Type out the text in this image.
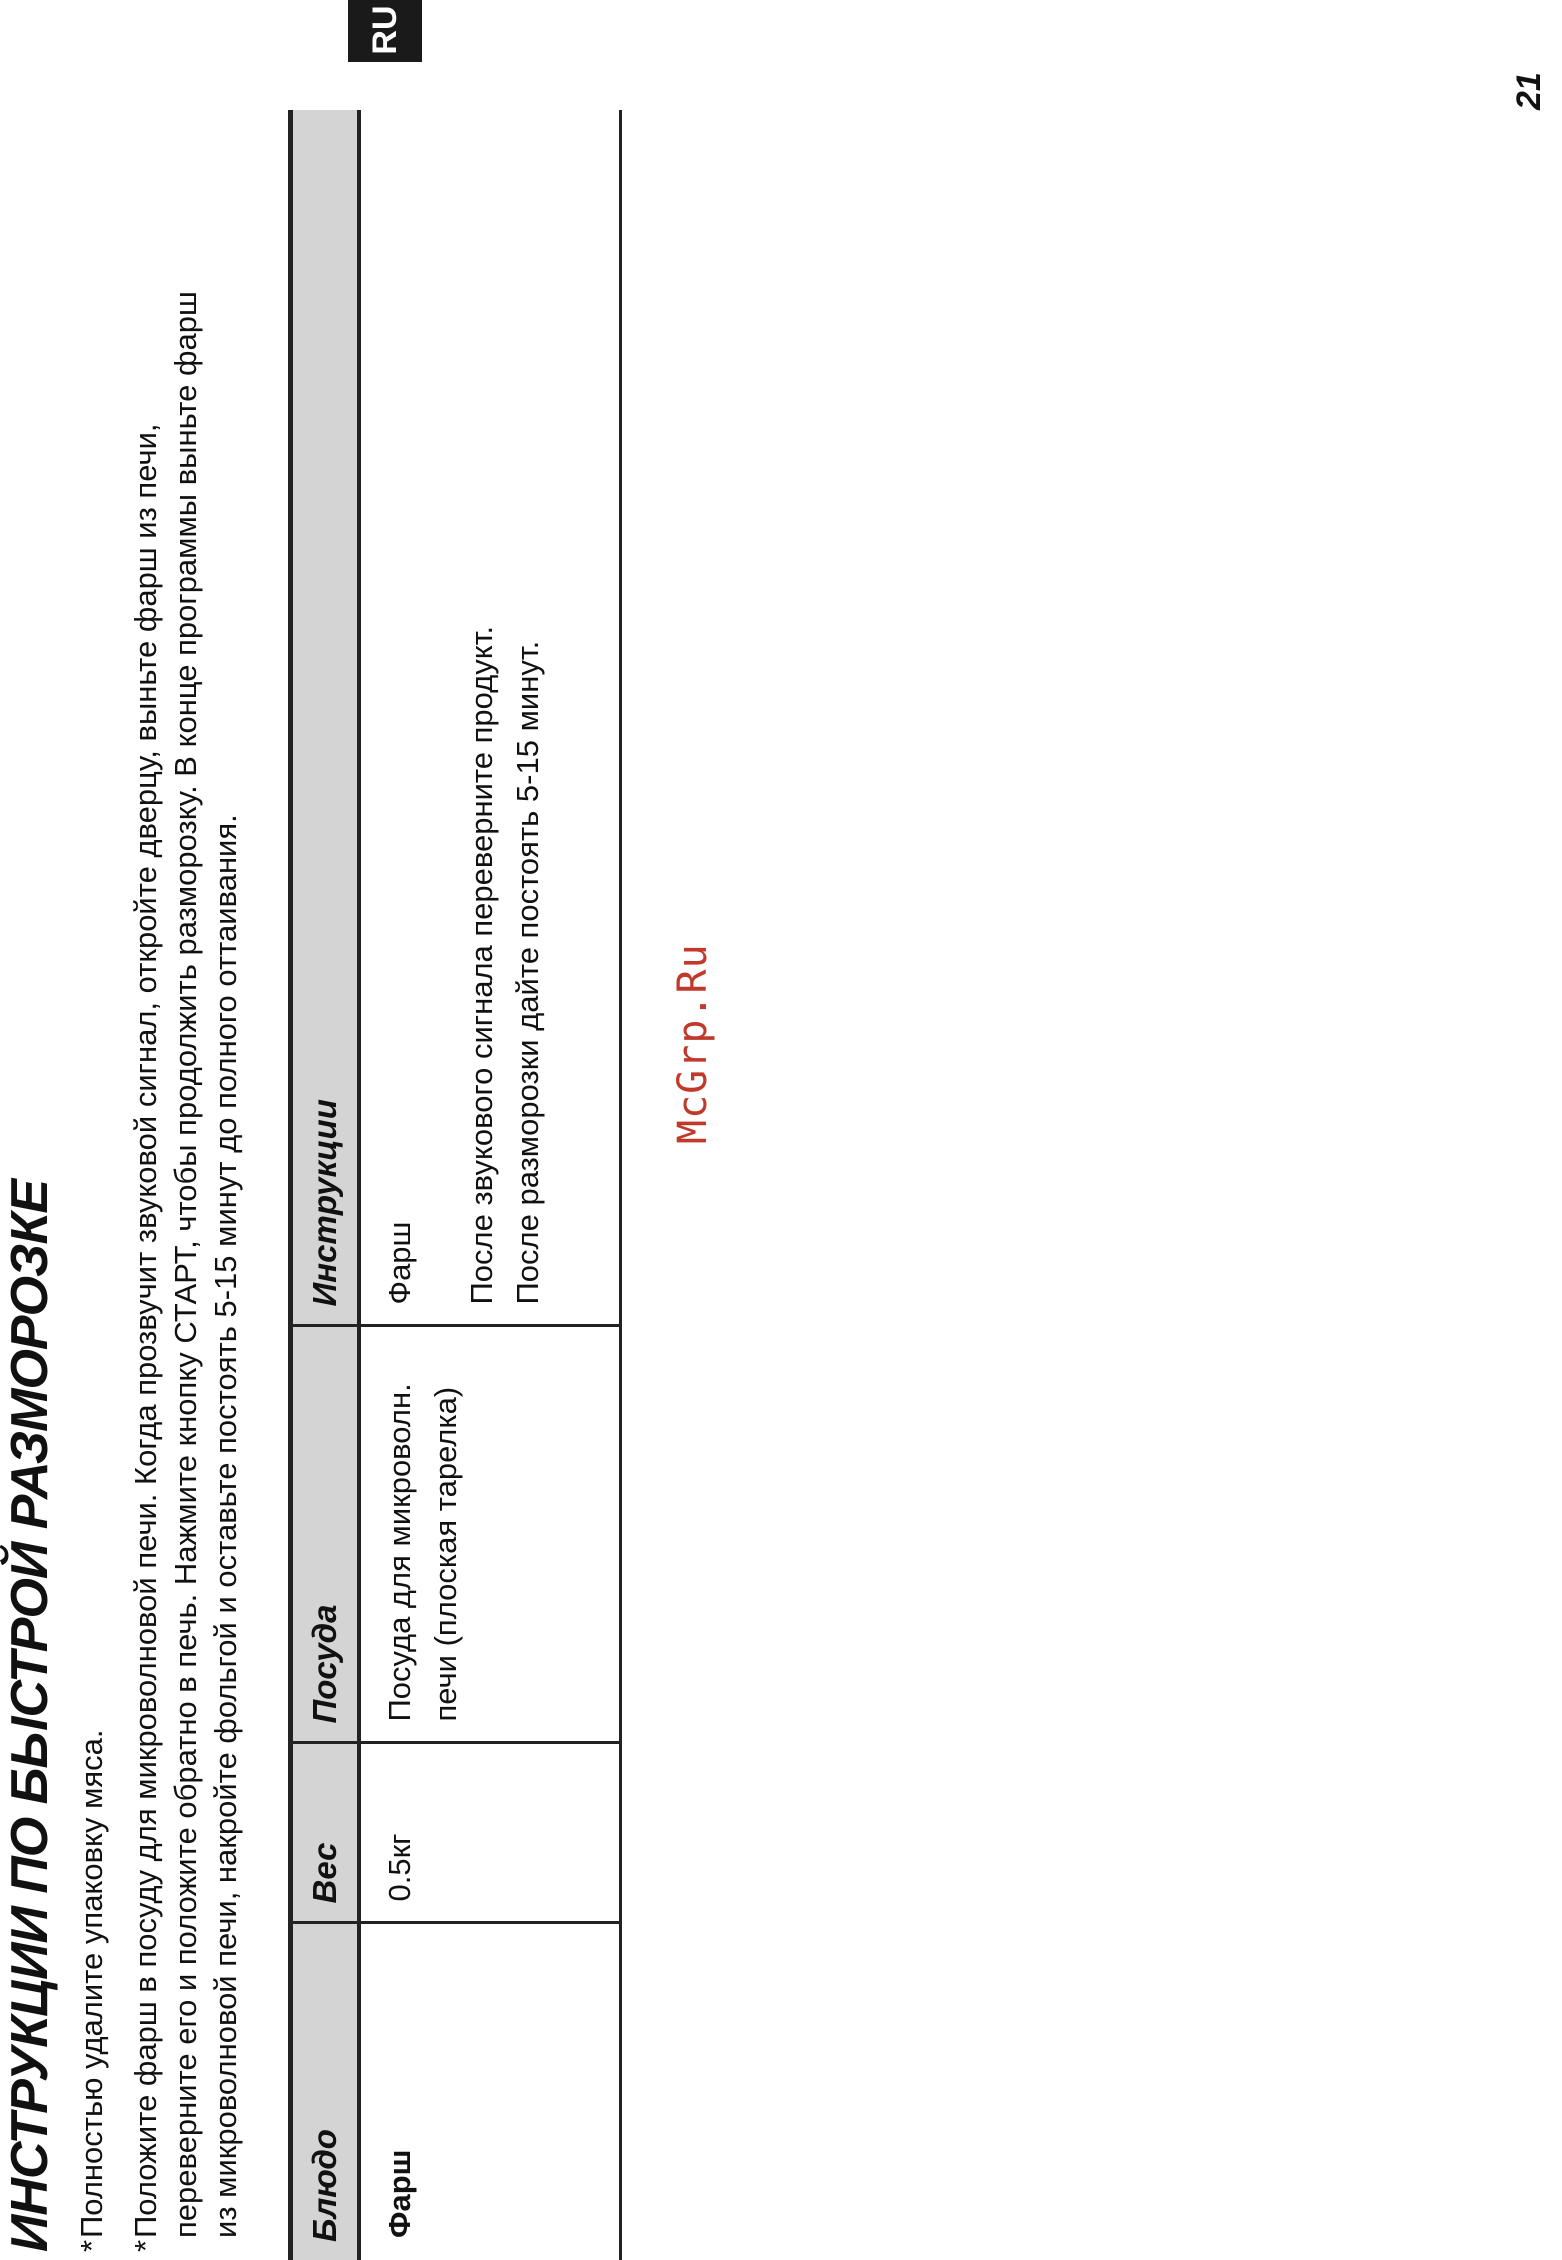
ИНСТРУКЦИИ ПО БЫСТРОЙ РАЗМОРОЗКЕ *
Полностью удалите упаковку мяса.
*
Положите фарш в посуду для микроволновой печи. Когда прозвучит звуковой сигнал, откройте дверцу, выньте фарш из печи, переверните его и положите обратно в печь. Нажмите кнопку СТАРТ, чтобы продолжить разморозку. В конце программы выньте фарш из микроволновой печи, накройте фольгой и оставьте постоять 5-15 минут до полного оттаивания. Блюдо	Вес	Посуда	Инструкции
Фарш	0.5кг	Посуда для микроволн. печи (плоская тарелка)	Фарш После звукового сигнала переверните продукт. После разморозки дайте постоять 5-15 минут.	McGrp.Ru
RU
21
